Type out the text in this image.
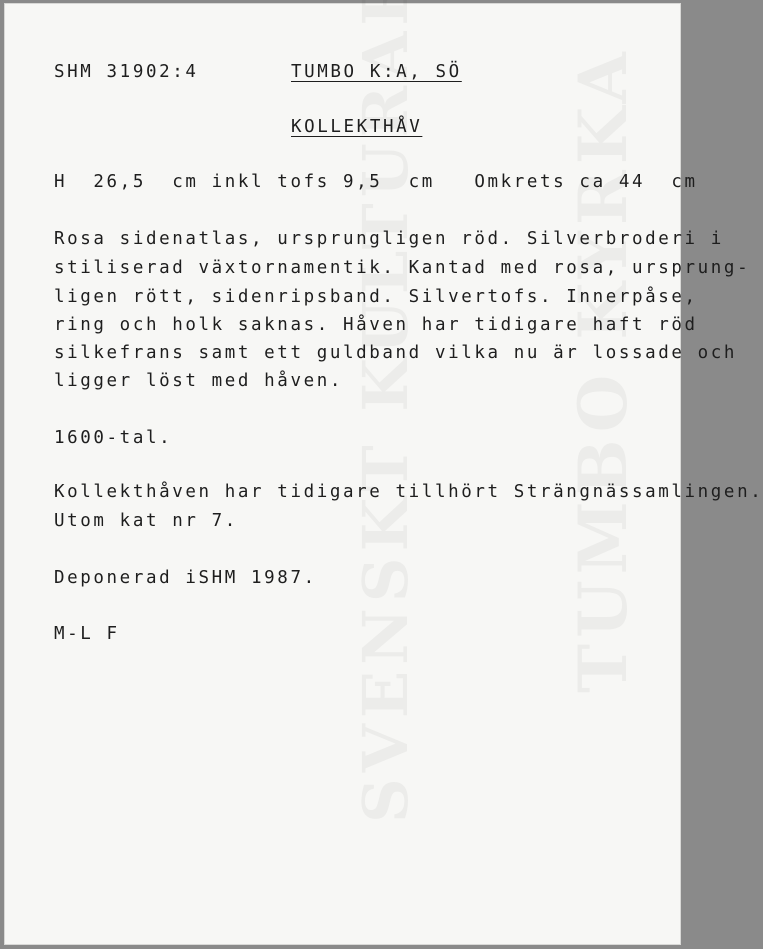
SHM 31902:4	TUMBO K:A, SÖ
KOLLEKTHÅV
H  26,5  cm inkl tofs 9,5  cm   Omkrets ca 44  cm
Rosa sidenatlas, ursprungligen röd. Silverbroderi i
stiliserad växtornamentik. Kantad med rosa, ursprung-
ligen rött, sidenripsband. Silvertofs. Innerpåse,
ring och holk saknas. Håven har tidigare haft röd
silkefrans samt ett guldband vilka nu är lossade och
ligger löst med håven.
1600-tal.
Kollekthåven har tidigare tillhört Strängnässamlingen.
Utom kat nr 7.
Deponerad iSHM 1987.
M-L F
